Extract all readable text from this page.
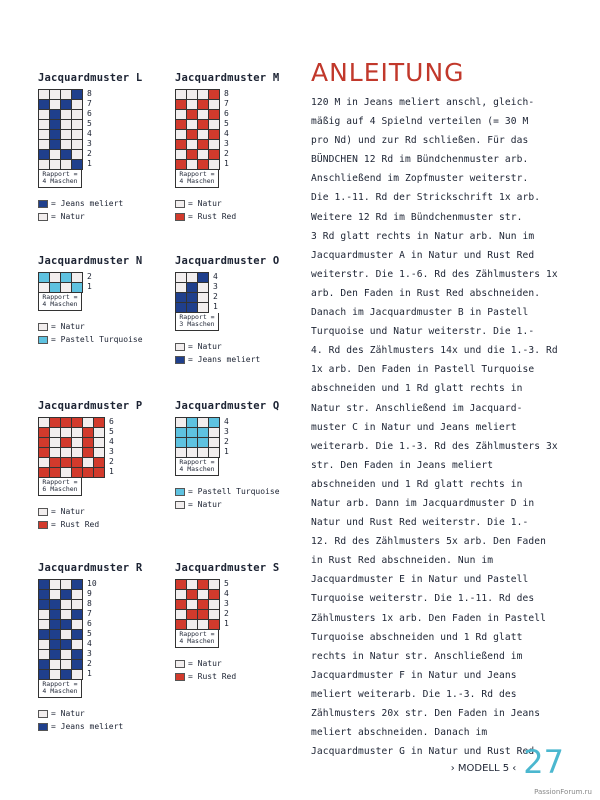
Jacquardmuster L
8
7
6
5
4
3
2
1
Rapport =
4 Maschen
= Jeans meliert
= Natur
Jacquardmuster M
8
7
6
5
4
3
2
1
Rapport =
4 Maschen
= Natur
= Rust Red
Jacquardmuster N
2
1
Rapport =
4 Maschen
= Natur
= Pastell Turquoise
Jacquardmuster O
4
3
2
1
Rapport =
3 Maschen
= Natur
= Jeans meliert
Jacquardmuster P
6
5
4
3
2
1
Rapport =
6 Maschen
= Natur
= Rust Red
Jacquardmuster Q
4
3
2
1
Rapport =
4 Maschen
= Pastell Turquoise
= Natur
Jacquardmuster R
10
9
8
7
6
5
4
3
2
1
Rapport =
4 Maschen
= Natur
= Jeans meliert
Jacquardmuster S
5
4
3
2
1
Rapport =
4 Maschen
= Natur
= Rust Red
ANLEITUNG
120 M in Jeans meliert anschl, gleich-
mäßig auf 4 Spielnd verteilen (= 30 M
pro Nd) und zur Rd schließen. Für das
BÜNDCHEN 12 Rd im Bündchenmuster arb.
Anschließend im Zopfmuster weiterstr.
Die 1.-11. Rd der Strickschrift 1x arb.
Weitere 12 Rd im Bündchenmuster str.
3 Rd glatt rechts in Natur arb. Nun im
Jacquardmuster A in Natur und Rust Red
weiterstr. Die 1.-6. Rd des Zählmusters 1x
arb. Den Faden in Rust Red abschneiden.
Danach im Jacquardmuster B in Pastell
Turquoise und Natur weiterstr. Die 1.-
4. Rd des Zählmusters 14x und die 1.-3. Rd
1x arb. Den Faden in Pastell Turquoise
abschneiden und 1 Rd glatt rechts in
Natur str. Anschließend im Jacquard-
muster C in Natur und Jeans meliert
weiterarb. Die 1.-3. Rd des Zählmusters 3x
str. Den Faden in Jeans meliert
abschneiden und 1 Rd glatt rechts in
Natur arb. Dann im Jacquardmuster D in
Natur und Rust Red weiterstr. Die 1.-
12. Rd des Zählmusters 5x arb. Den Faden
in Rust Red abschneiden. Nun im
Jacquardmuster E in Natur und Pastell
Turquoise weiterstr. Die 1.-11. Rd des
Zählmusters 1x arb. Den Faden in Pastell
Turquoise abschneiden und 1 Rd glatt
rechts in Natur str. Anschließend im
Jacquardmuster F in Natur und Jeans
meliert weiterarb. Die 1.-3. Rd des
Zählmusters 20x str. Den Faden in Jeans
meliert abschneiden. Danach im
Jacquardmuster G in Natur und Rust Red
› MODELL 5 ‹ 27
PassionForum.ru
